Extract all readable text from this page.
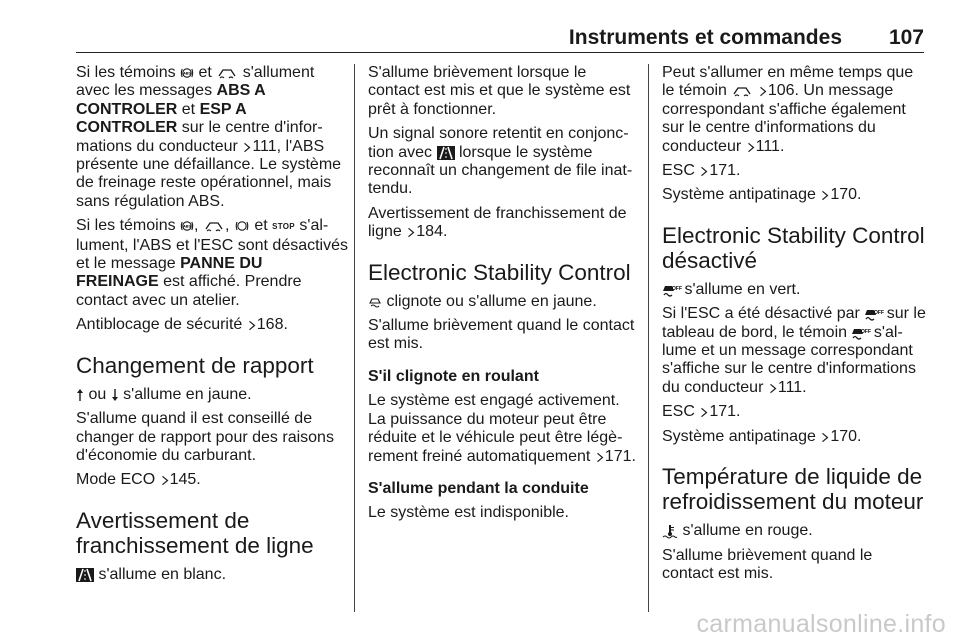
Instruments et commandes 107

Si les témoins ABS et s'allument avec les messages ABS A CONTROLER et ESP A CONTROLER sur le centre d'informations du conducteur 111, l'ABS présente une défaillance. Le système de freinage reste opérationnel, mais sans régulation ABS.

Si les témoins ABS , , et STOP s'allument, l'ABS et l'ESC sont désactivés et le message PANNE DU FREINAGE est affiché. Prendre contact avec un atelier.

Antiblocage de sécurité 168.

Changement de rapport

ou s'allume en jaune.

S'allume quand il est conseillé de changer de rapport pour des raisons d'économie du carburant.

Mode ECO 145.

Avertissement de franchissement de ligne

s'allume en blanc.

S'allume brièvement lorsque le contact est mis et que le système est prêt à fonctionner.

Un signal sonore retentit en conjonction avec lorsque le système reconnaît un changement de file inattendu.

Avertissement de franchissement de ligne 184.

Electronic Stability Control

clignote ou s'allume en jaune.

S'allume brièvement quand le contact est mis.

S'il clignote en roulant

Le système est engagé activement. La puissance du moteur peut être réduite et le véhicule peut être légèrement freiné automatiquement 171.

S'allume pendant la conduite

Le système est indisponible.

Peut s'allumer en même temps que le témoin	106. Un message correspondant s'affiche également sur le centre d'informations du conducteur 111.

ESC 171.

Système antipatinage 170.

Electronic Stability Control désactivé

OFF s'allume en vert.

Si l'ESC a été désactivé par	OFF sur le tableau de bord, le témoin	OFF s'allume et un message correspondant s'affiche sur le centre d'informations du conducteur 111.

ESC 171.

Système antipatinage 170.

Température de liquide de refroidissement du moteur

s'allume en rouge.

S'allume brièvement quand le contact est mis.

carmanualsonline.info
